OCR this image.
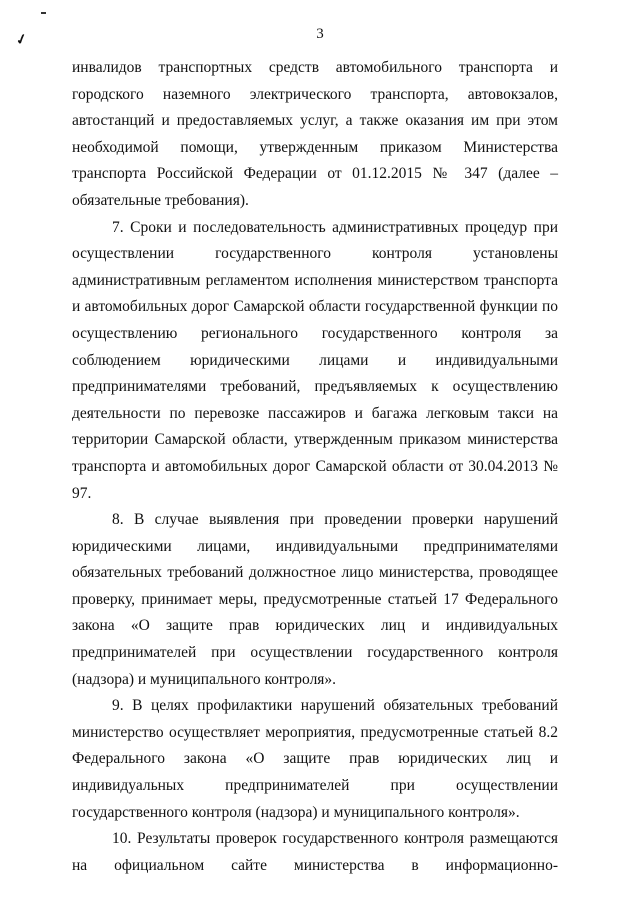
✓	3

инвалидов транспортных средств автомобильного транспорта и городского наземного электрического транспорта, автовокзалов, автостанций и предоставляемых услуг, а также оказания им при этом необходимой помощи, утвержденным приказом Министерства транспорта Российской Федерации от 01.12.2015 № 347 (далее – обязательные требования).

7. Сроки и последовательность административных процедур при осуществлении государственного контроля установлены административным регламентом исполнения министерством транспорта и автомобильных дорог Самарской области государственной функции по осуществлению регионального государственного контроля за соблюдением юридическими лицами и индивидуальными предпринимателями требований, предъявляемых к осуществлению деятельности по перевозке пассажиров и багажа легковым такси на территории Самарской области, утвержденным приказом министерства транспорта и автомобильных дорог Самарской области от 30.04.2013 № 97.

8. В случае выявления при проведении проверки нарушений юридическими лицами, индивидуальными предпринимателями обязательных требований должностное лицо министерства, проводящее проверку, принимает меры, предусмотренные статьей 17 Федерального закона «О защите прав юридических лиц и индивидуальных предпринимателей при осуществлении государственного контроля (надзора) и муниципального контроля».

9. В целях профилактики нарушений обязательных требований министерство осуществляет мероприятия, предусмотренные статьей 8.2 Федерального закона «О защите прав юридических лиц и индивидуальных предпринимателей при осуществлении государственного контроля (надзора) и муниципального контроля».

10. Результаты проверок государственного контроля размещаются на официальном сайте министерства в информационно-
